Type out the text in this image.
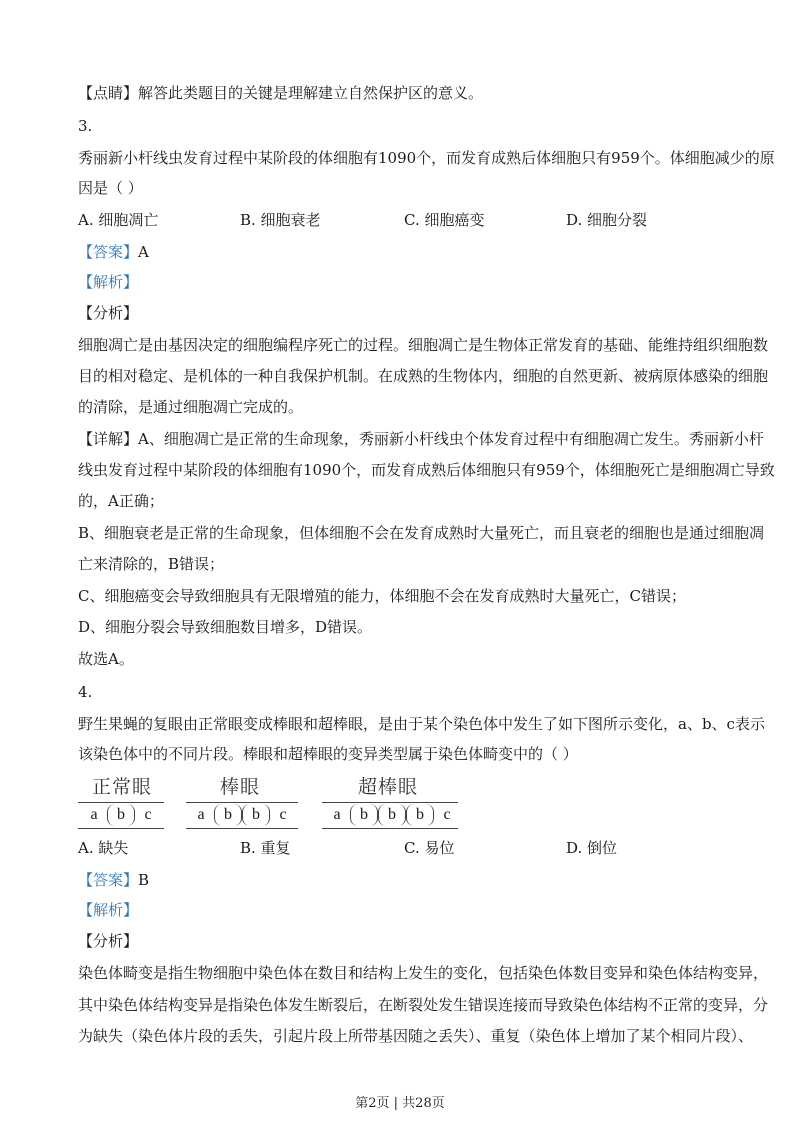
【点睛】解答此类题目的关键是理解建立自然保护区的意义。
3.
秀丽新小杆线虫发育过程中某阶段的体细胞有1090个，而发育成熟后体细胞只有959个。体细胞减少的原
因是（ ）
A. 细胞凋亡	B. 细胞衰老	C. 细胞癌变	D. 细胞分裂
【答案】A
【解析】
【分析】
细胞凋亡是由基因决定的细胞编程序死亡的过程。细胞凋亡是生物体正常发育的基础、能维持组织细胞数
目的相对稳定、是机体的一种自我保护机制。在成熟的生物体内，细胞的自然更新、被病原体感染的细胞
的清除，是通过细胞凋亡完成的。
【详解】A、细胞凋亡是正常的生命现象，秀丽新小杆线虫个体发育过程中有细胞凋亡发生。秀丽新小杆
线虫发育过程中某阶段的体细胞有1090个，而发育成熟后体细胞只有959个，体细胞死亡是细胞凋亡导致
的，A正确；
B、细胞衰老是正常的生命现象，但体细胞不会在发育成熟时大量死亡，而且衰老的细胞也是通过细胞凋
亡来清除的，B错误；
C、细胞癌变会导致细胞具有无限增殖的能力，体细胞不会在发育成熟时大量死亡，C错误；
D、细胞分裂会导致细胞数目增多，D错误。
故选A。
4.
野生果蝇的复眼由正常眼变成棒眼和超棒眼，是由于某个染色体中发生了如下图所示变化，a、b、c表示
该染色体中的不同片段。棒眼和超棒眼的变异类型属于染色体畸变中的（ ）
正常眼
a	b	c
棒眼
a	b	b	c
超棒眼
a	b	b	b	c
A. 缺失	B. 重复	C. 易位	D. 倒位
【答案】B
【解析】
【分析】
染色体畸变是指生物细胞中染色体在数目和结构上发生的变化，包括染色体数目变异和染色体结构变异，
其中染色体结构变异是指染色体发生断裂后，在断裂处发生错误连接而导致染色体结构不正常的变异，分
为缺失（染色体片段的丢失，引起片段上所带基因随之丢失）、重复（染色体上增加了某个相同片段）、
第2页 | 共28页
